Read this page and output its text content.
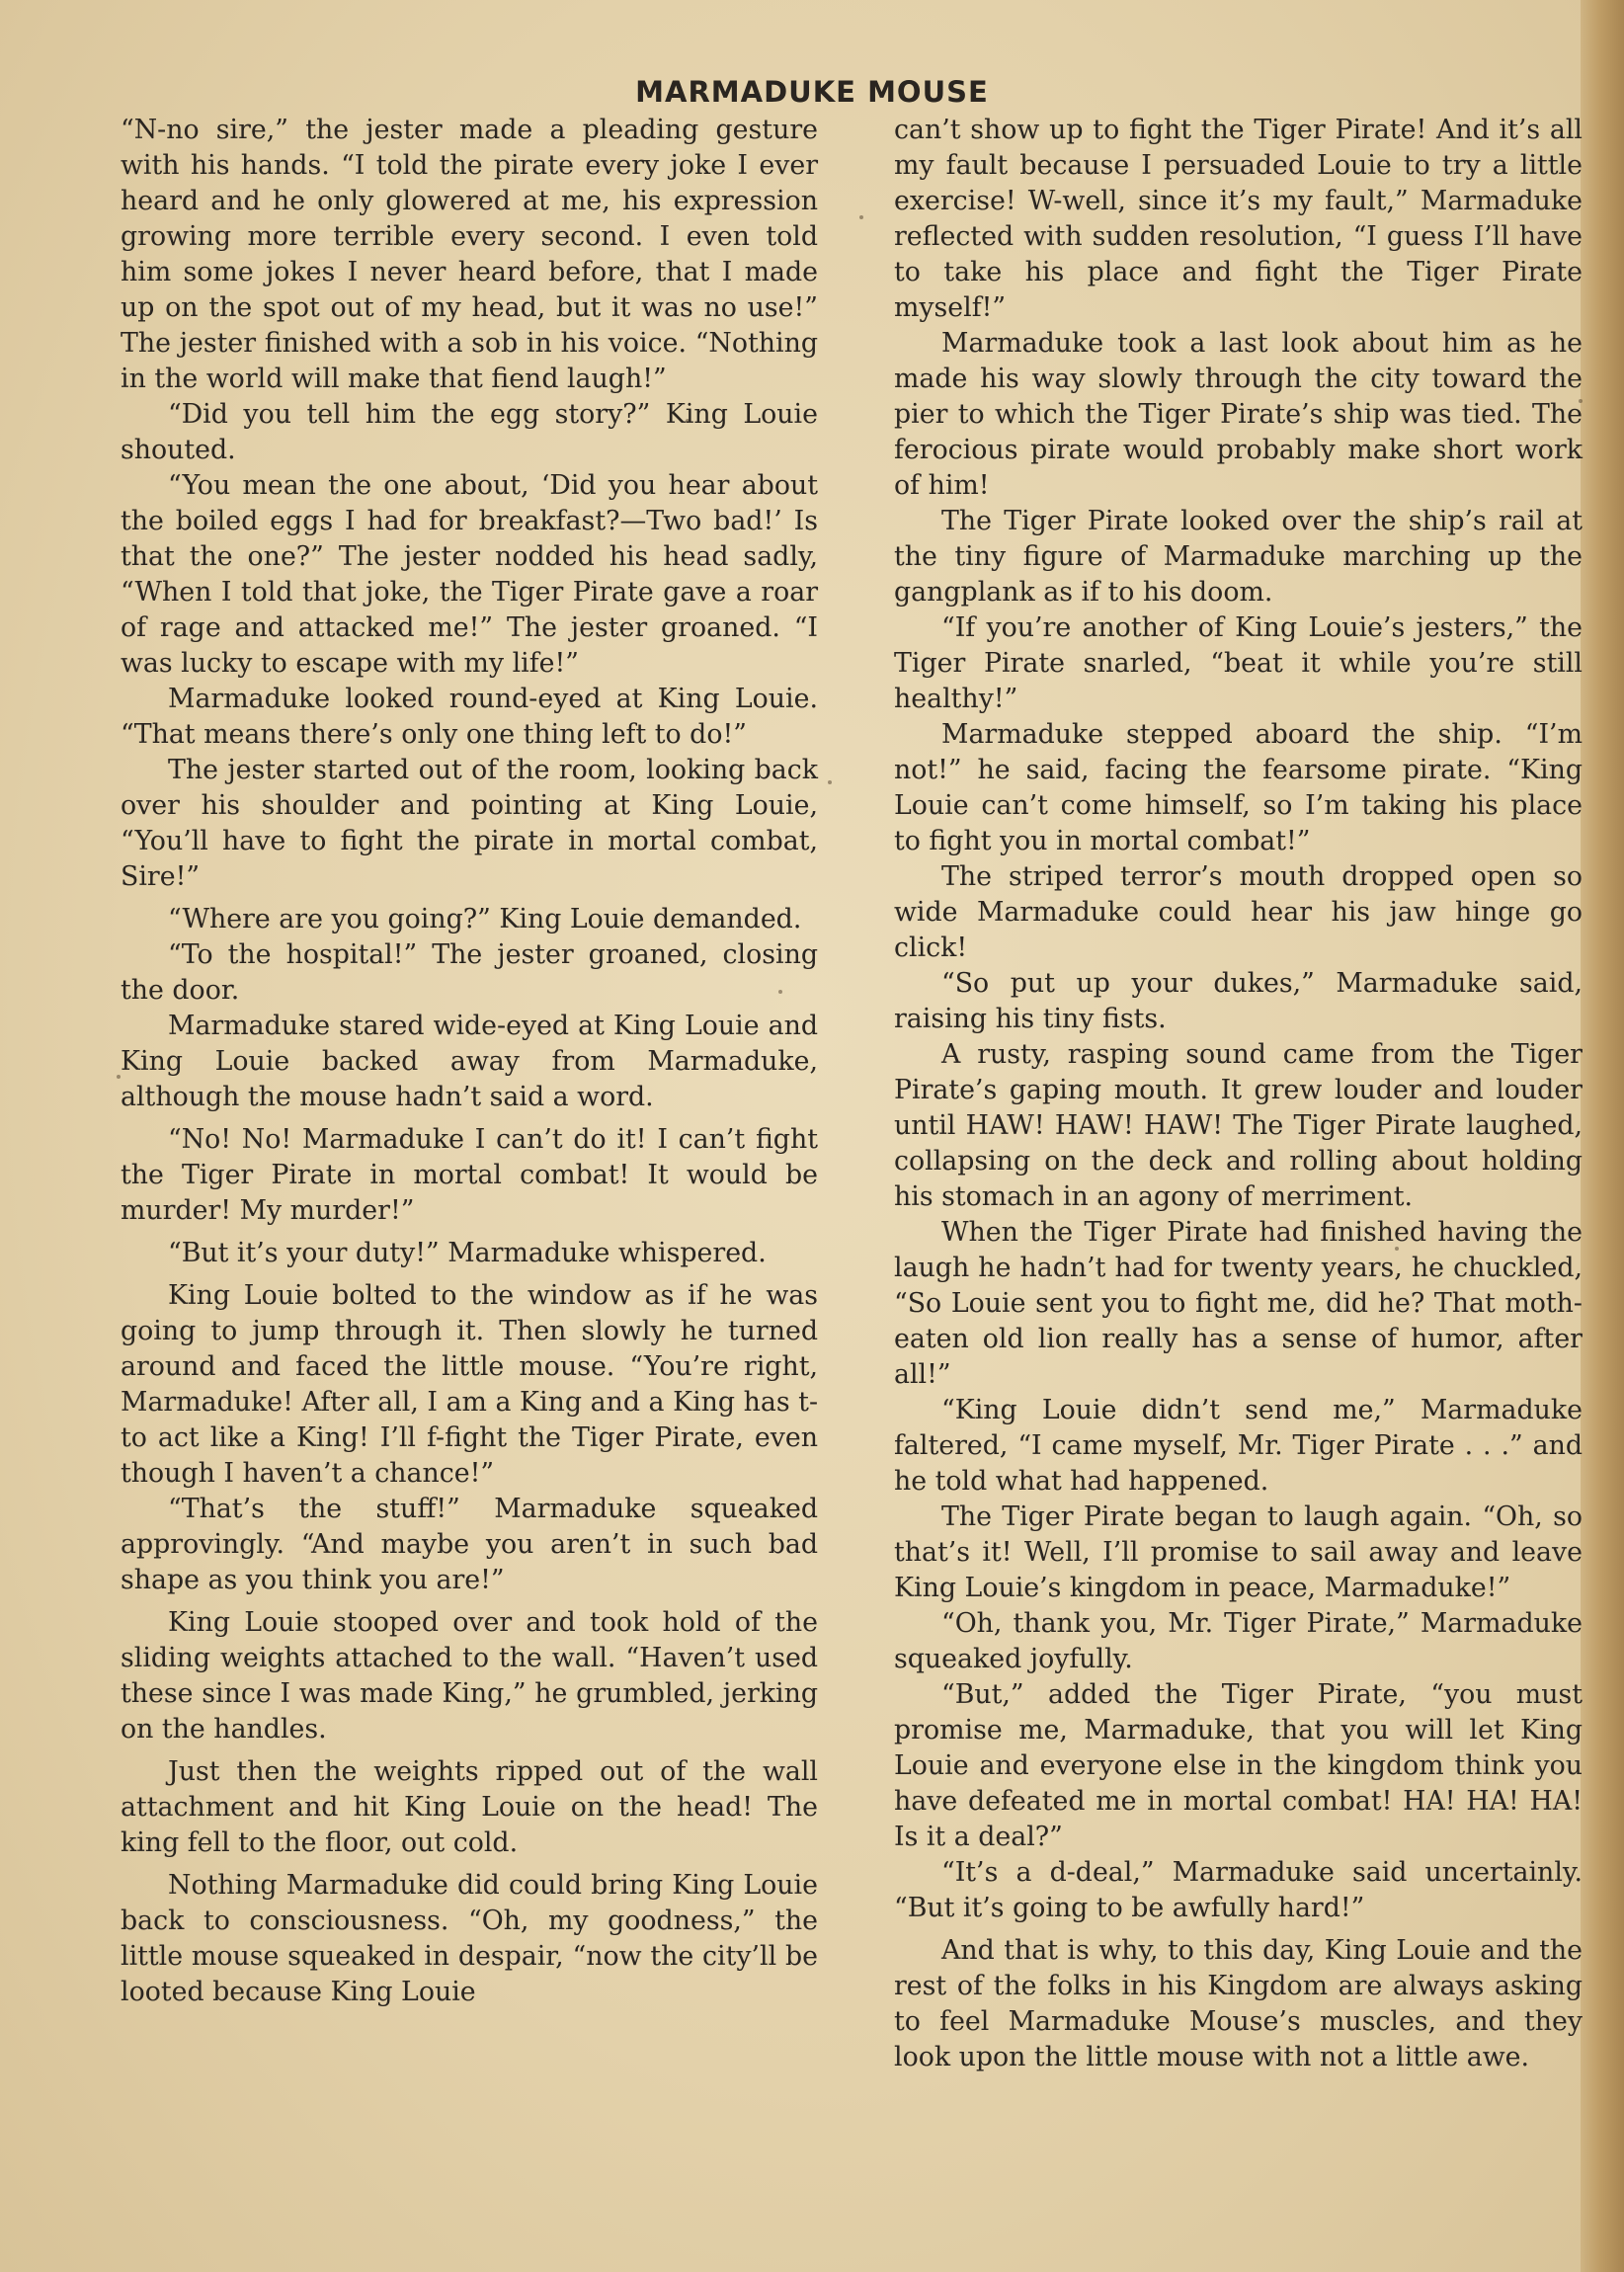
MARMADUKE MOUSE

“N-no sire,” the jester made a pleading gesture with his hands. “I told the pirate every joke I ever heard and he only glowered at me, his expression growing more terrible every second. I even told him some jokes I never heard before, that I made up on the spot out of my head, but it was no use!” The jester finished with a sob in his voice. “Nothing in the world will make that fiend laugh!”

“Did you tell him the egg story?” King Louie shouted.

“You mean the one about, ‘Did you hear about the boiled eggs I had for breakfast?—Two bad!’ Is that the one?” The jester nodded his head sadly, “When I told that joke, the Tiger Pirate gave a roar of rage and attacked me!” The jester groaned. “I was lucky to escape with my life!”

Marmaduke looked round-eyed at King Louie. “That means there’s only one thing left to do!”

The jester started out of the room, looking back over his shoulder and pointing at King Louie, “You’ll have to fight the pirate in mortal combat, Sire!”

“Where are you going?” King Louie demanded.

“To the hospital!” The jester groaned, closing the door.

Marmaduke stared wide-eyed at King Louie and King Louie backed away from Marmaduke, although the mouse hadn’t said a word.

“No! No! Marmaduke I can’t do it! I can’t fight the Tiger Pirate in mortal combat! It would be murder! My murder!”

“But it’s your duty!” Marmaduke whispered.

King Louie bolted to the window as if he was going to jump through it. Then slowly he turned around and faced the little mouse. “You’re right, Marmaduke! After all, I am a King and a King has t-to act like a King! I’ll f-fight the Tiger Pirate, even though I haven’t a chance!”

“That’s the stuff!” Marmaduke squeaked approvingly. “And maybe you aren’t in such bad shape as you think you are!”

King Louie stooped over and took hold of the sliding weights attached to the wall. “Haven’t used these since I was made King,” he grumbled, jerking on the handles.

Just then the weights ripped out of the wall attachment and hit King Louie on the head! The king fell to the floor, out cold.

Nothing Marmaduke did could bring King Louie back to consciousness. “Oh, my goodness,” the little mouse squeaked in despair, “now the city’ll be looted because King Louie

can’t show up to fight the Tiger Pirate! And it’s all my fault because I persuaded Louie to try a little exercise! W-well, since it’s my fault,” Marmaduke reflected with sudden resolution, “I guess I’ll have to take his place and fight the Tiger Pirate myself!”

Marmaduke took a last look about him as he made his way slowly through the city toward the pier to which the Tiger Pirate’s ship was tied. The ferocious pirate would probably make short work of him!

The Tiger Pirate looked over the ship’s rail at the tiny figure of Marmaduke marching up the gangplank as if to his doom.

“If you’re another of King Louie’s jesters,” the Tiger Pirate snarled, “beat it while you’re still healthy!”

Marmaduke stepped aboard the ship. “I’m not!” he said, facing the fearsome pirate. “King Louie can’t come himself, so I’m taking his place to fight you in mortal combat!”

The striped terror’s mouth dropped open so wide Marmaduke could hear his jaw hinge go click!

“So put up your dukes,” Marmaduke said, raising his tiny fists.

A rusty, rasping sound came from the Tiger Pirate’s gaping mouth. It grew louder and louder until HAW! HAW! HAW! The Tiger Pirate laughed, collapsing on the deck and rolling about holding his stomach in an agony of merriment.

When the Tiger Pirate had finished having the laugh he hadn’t had for twenty years, he chuckled, “So Louie sent you to fight me, did he? That moth-eaten old lion really has a sense of humor, after all!”

“King Louie didn’t send me,” Marmaduke faltered, “I came myself, Mr. Tiger Pirate . . .” and he told what had happened.

The Tiger Pirate began to laugh again. “Oh, so that’s it! Well, I’ll promise to sail away and leave King Louie’s kingdom in peace, Marmaduke!”

“Oh, thank you, Mr. Tiger Pirate,” Marmaduke squeaked joyfully.

“But,” added the Tiger Pirate, “you must promise me, Marmaduke, that you will let King Louie and everyone else in the kingdom think you have defeated me in mortal combat! HA! HA! HA! Is it a deal?”

“It’s a d-deal,” Marmaduke said uncertainly. “But it’s going to be awfully hard!”

And that is why, to this day, King Louie and the rest of the folks in his Kingdom are always asking to feel Marmaduke Mouse’s muscles, and they look upon the little mouse with not a little awe.
